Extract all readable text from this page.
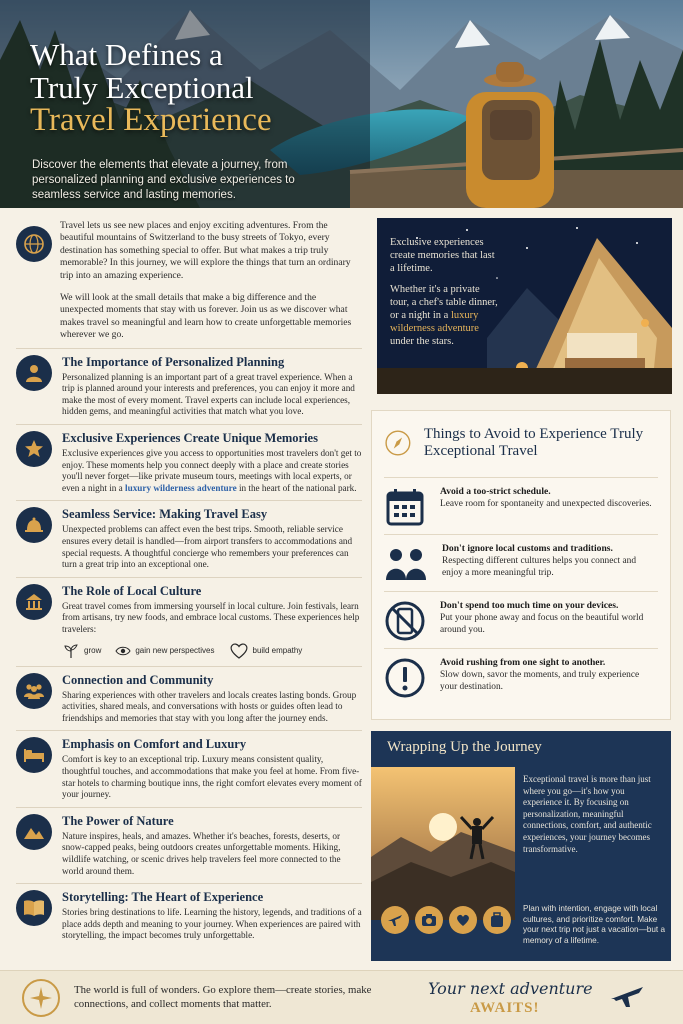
What Defines a
Truly Exceptional
Travel Experience
Discover the elements that elevate a journey, from personalized planning and exclusive experiences to seamless service and lasting memories.

Travel lets us see new places and enjoy exciting adventures. From the beautiful mountains of Switzerland to the busy streets of Tokyo, every destination has something special to offer. But what makes a trip truly memorable? In this journey, we will explore the things that turn an ordinary trip into an amazing experience.

We will look at the small details that make a big difference and the unexpected moments that stay with us forever. Join us as we discover what makes travel so meaningful and learn how to create unforgettable memories wherever we go.

The Importance of Personalized Planning

Personalized planning is an important part of a great travel experience. When a trip is planned around your interests and preferences, you can enjoy it more and make the most of every moment. Travel experts can include local experiences, hidden gems, and meaningful activities that match what you love.

Exclusive Experiences Create Unique Memories

Exclusive experiences give you access to opportunities most travelers don't get to enjoy. These moments help you connect deeply with a place and create stories you'll never forget—like private museum tours, meetings with local experts, or even a night in a luxury wilderness adventure in the heart of the national park.

Seamless Service: Making Travel Easy

Unexpected problems can affect even the best trips. Smooth, reliable service ensures every detail is handled—from airport transfers to accommodations and special requests. A thoughtful concierge who remembers your preferences can turn a great trip into an exceptional one.

The Role of Local Culture

Great travel comes from immersing yourself in local culture. Join festivals, learn from artisans, try new foods, and embrace local customs. These experiences help travelers:

grow	gain new perspectives	build empathy
Connection and Community

Sharing experiences with other travelers and locals creates lasting bonds. Group activities, shared meals, and conversations with hosts or guides often lead to friendships and memories that stay with you long after the journey ends.

Emphasis on Comfort and Luxury

Comfort is key to an exceptional trip. Luxury means consistent quality, thoughtful touches, and accommodations that make you feel at home. From five-star hotels to charming boutique inns, the right comfort elevates every moment of your journey.

The Power of Nature

Nature inspires, heals, and amazes. Whether it's beaches, forests, deserts, or snow-capped peaks, being outdoors creates unforgettable moments. Hiking, wildlife watching, or scenic drives help travelers feel more connected to the world around them.

Storytelling: The Heart of Experience

Stories bring destinations to life. Learning the history, legends, and traditions of a place adds depth and meaning to your journey. When experiences are paired with storytelling, the impact becomes truly unforgettable.

Exclusive experiences create memories that last a lifetime.

Whether it's a private tour, a chef's table dinner, or a night in a luxury wilderness adventure under the stars.

Things to Avoid to Experience Truly Exceptional Travel
Avoid a too-strict schedule.

Leave room for spontaneity and unexpected discoveries.

Don't ignore local customs and traditions.

Respecting different cultures helps you connect and enjoy a more meaningful trip.

Don't spend too much time on your devices.

Put your phone away and focus on the beautiful world around you.

Avoid rushing from one sight to another.

Slow down, savor the moments, and truly experience your destination.

Wrapping Up the Journey

Exceptional travel is more than just where you go—it's how you experience it. By focusing on personalization, meaningful connections, comfort, and authentic experiences, your journey becomes transformative.

Plan with intention, engage with local cultures, and prioritize comfort. Make your next trip not just a vacation—but a memory of a lifetime.

The world is full of wonders. Go explore them—create stories, make connections, and collect moments that matter.

Your next adventure
AWAITS!
